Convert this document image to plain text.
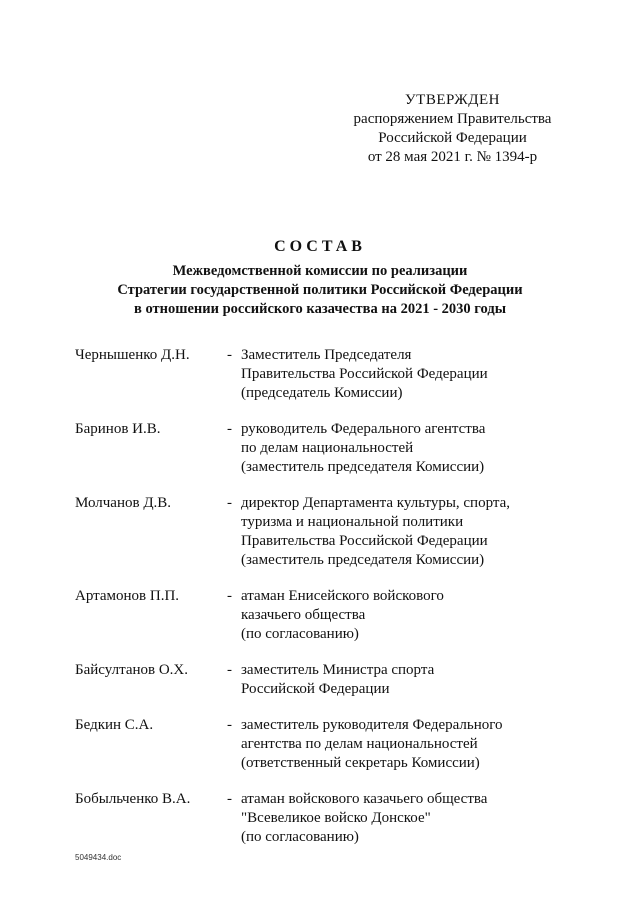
УТВЕРЖДЕН
распоряжением Правительства
Российской Федерации
от 28 мая 2021 г. № 1394-р
СОСТАВ
Межведомственной комиссии по реализации
Стратегии государственной политики Российской Федерации
в отношении российского казачества на 2021 - 2030 годы
Чернышенко Д.Н.	- Заместитель Председателя
Правительства Российской Федерации
(председатель Комиссии)
Баринов И.В.	- руководитель Федерального агентства
по делам национальностей
(заместитель председателя Комиссии)
Молчанов Д.В.	- директор Департамента культуры, спорта,
туризма и национальной политики
Правительства Российской Федерации
(заместитель председателя Комиссии)
Артамонов П.П.	- атаман Енисейского войскового
казачьего общества
(по согласованию)
Байсултанов О.Х.	- заместитель Министра спорта
Российской Федерации
Бедкин С.А.	- заместитель руководителя Федерального
агентства по делам национальностей
(ответственный секретарь Комиссии)
Бобыльченко В.А.	- атаман войскового казачьего общества
"Всевеликое войско Донское"
(по согласованию)
5049434.doc
